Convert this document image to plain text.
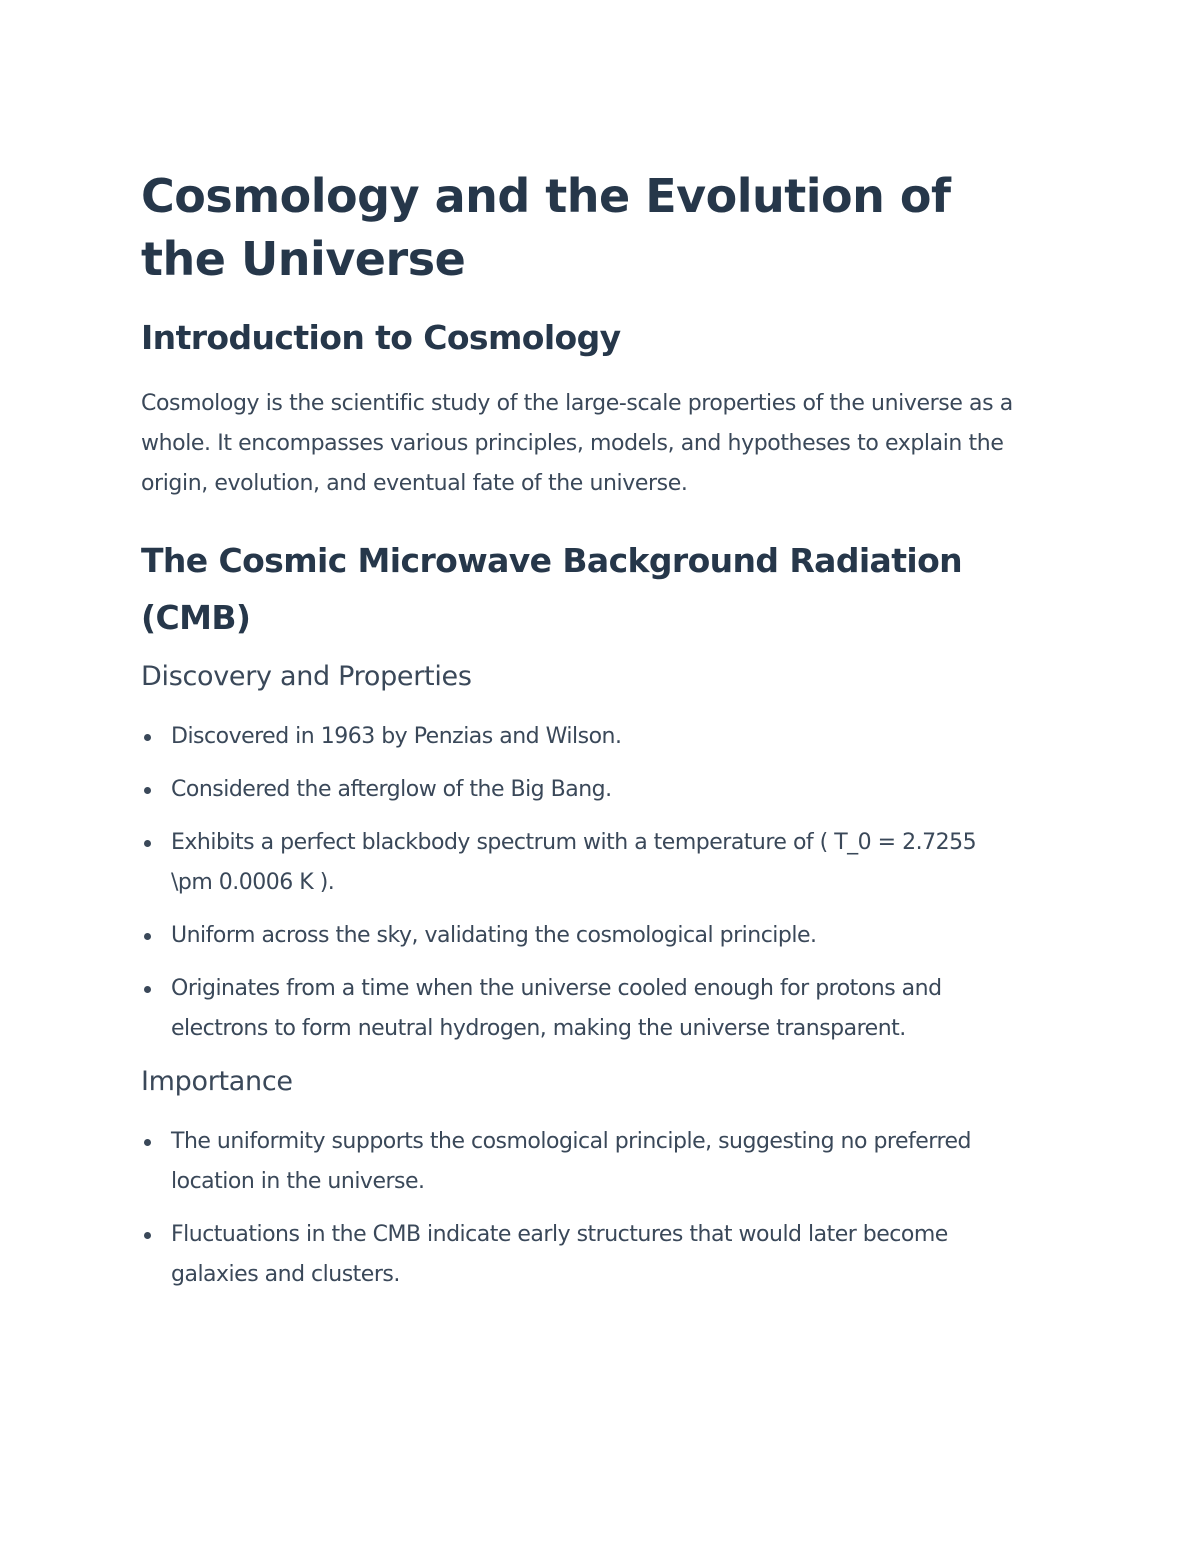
Cosmology and the Evolution of the Universe
Introduction to Cosmology

Cosmology is the scientific study of the large-scale properties of the universe as a whole. It encompasses various principles, models, and hypotheses to explain the origin, evolution, and eventual fate of the universe.

The Cosmic Microwave Background Radiation (CMB)
Discovery and Properties
Discovered in 1963 by Penzias and Wilson.
Considered the afterglow of the Big Bang.
Exhibits a perfect blackbody spectrum with a temperature of ( T_0 = 2.7255 \pm 0.0006 K ).
Uniform across the sky, validating the cosmological principle.
Originates from a time when the universe cooled enough for protons and electrons to form neutral hydrogen, making the universe transparent.
Importance
The uniformity supports the cosmological principle, suggesting no preferred location in the universe.
Fluctuations in the CMB indicate early structures that would later become galaxies and clusters.
